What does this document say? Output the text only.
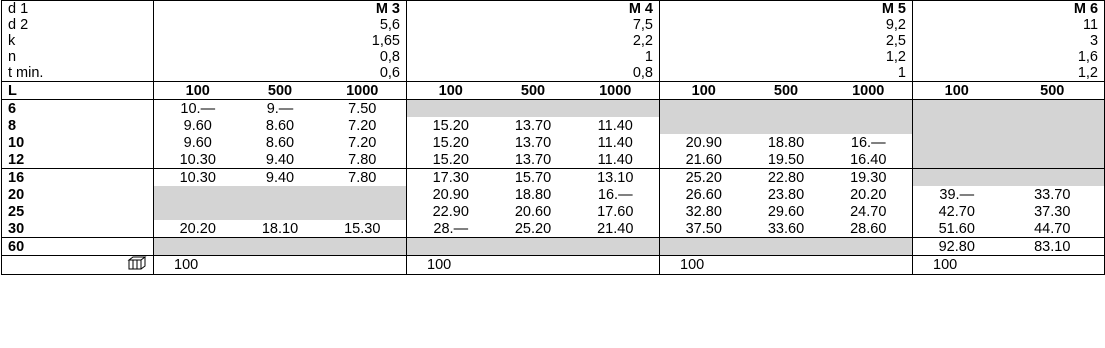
d 1	M 3			M 4			M 5			M 6	
d 2	5,6			7,5			9,2			11	
k	1,65			2,2			2,5			3	
n	0,8			1			1,2			1,6	
t min.	0,6			0,8			1			1,2	
L	100	500	1000	100	500	1000	100	500	1000	100	500
6	10.—	9.—	7.50								
8	9.60	8.60	7.20	15.20	13.70	11.40					
10	9.60	8.60	7.20	15.20	13.70	11.40	20.90	18.80	16.—		
12	10.30	9.40	7.80	15.20	13.70	11.40	21.60	19.50	16.40		
16	10.30	9.40	7.80	17.30	15.70	13.10	25.20	22.80	19.30		
20				20.90	18.80	16.—	26.60	23.80	20.20	39.—	33.70
25				22.90	20.60	17.60	32.80	29.60	24.70	42.70	37.30
30	20.20	18.10	15.30	28.—	25.20	21.40	37.50	33.60	28.60	51.60	44.70
60										92.80	83.10
	100			100			100			100	
